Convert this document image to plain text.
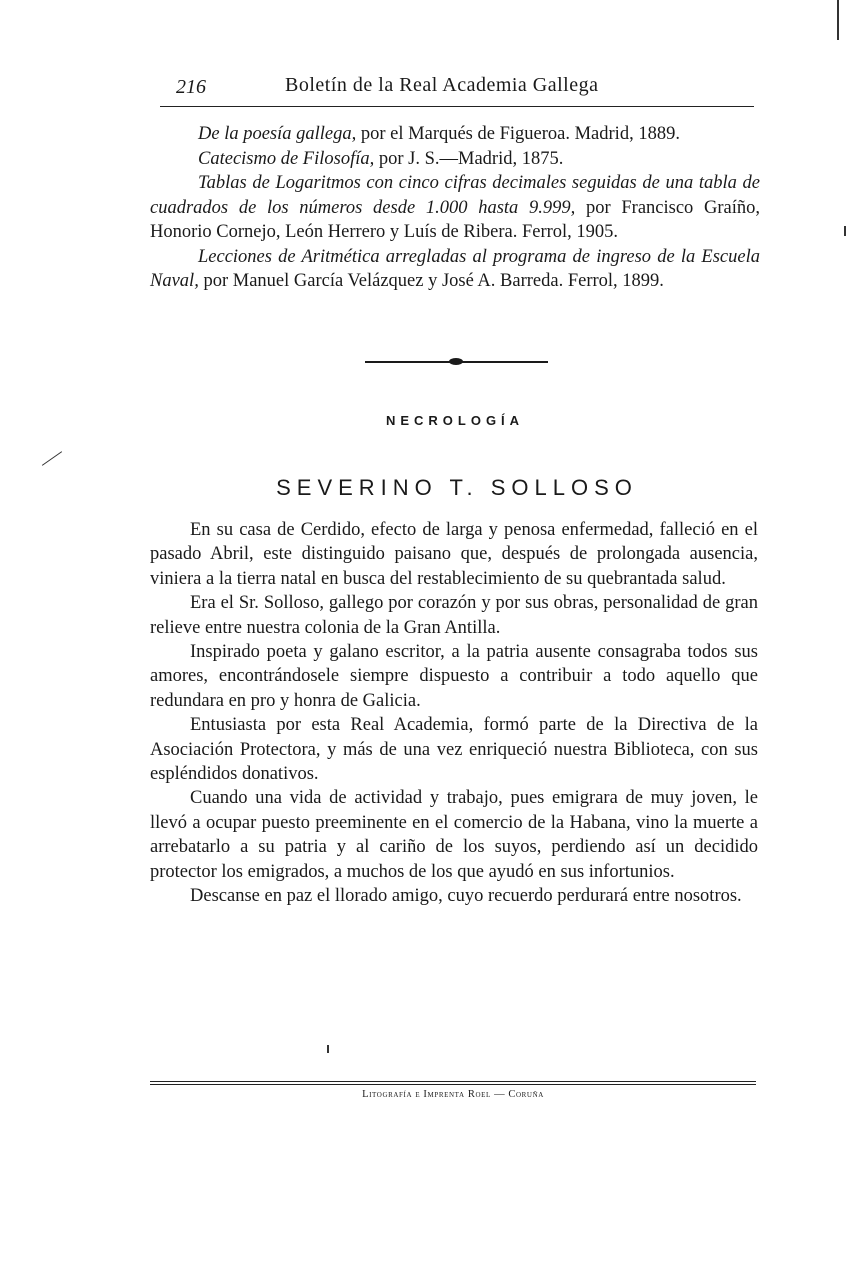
216	Boletín de la Real Academia Gallega

De la poesía gallega, por el Marqués de Figueroa. Madrid, 1889.

Catecismo de Filosofía, por J. S.—Madrid, 1875.

Tablas de Logaritmos con cinco cifras decimales seguidas de una tabla de cuadrados de los números desde 1.000 hasta 9.999, por Francisco Graíño, Honorio Cornejo, León Herrero y Luís de Ribera. Ferrol, 1905.

Lecciones de Aritmética arregladas al programa de ingreso de la Escuela Naval, por Manuel García Velázquez y José A. Barreda. Ferrol, 1899.

NECROLOGÍA
SEVERINO T. SOLLOSO

En su casa de Cerdido, efecto de larga y penosa enfermedad, falleció en el pasado Abril, este distinguido paisano que, después de prolongada ausencia, viniera a la tierra natal en busca del restablecimiento de su quebrantada salud.

Era el Sr. Solloso, gallego por corazón y por sus obras, personalidad de gran relieve entre nuestra colonia de la Gran Antilla.

Inspirado poeta y galano escritor, a la patria ausente consagraba todos sus amores, encontrándosele siempre dispuesto a contribuir a todo aquello que redundara en pro y honra de Galicia.

Entusiasta por esta Real Academia, formó parte de la Directiva de la Asociación Protectora, y más de una vez enriqueció nuestra Biblioteca, con sus espléndidos donativos.

Cuando una vida de actividad y trabajo, pues emigrara de muy joven, le llevó a ocupar puesto preeminente en el comercio de la Habana, vino la muerte a arrebatarlo a su patria y al cariño de los suyos, perdiendo así un decidido protector los emigrados, a muchos de los que ayudó en sus infortunios.

Descanse en paz el llorado amigo, cuyo recuerdo perdurará entre nosotros.

Litografía e Imprenta Roel — Coruña
